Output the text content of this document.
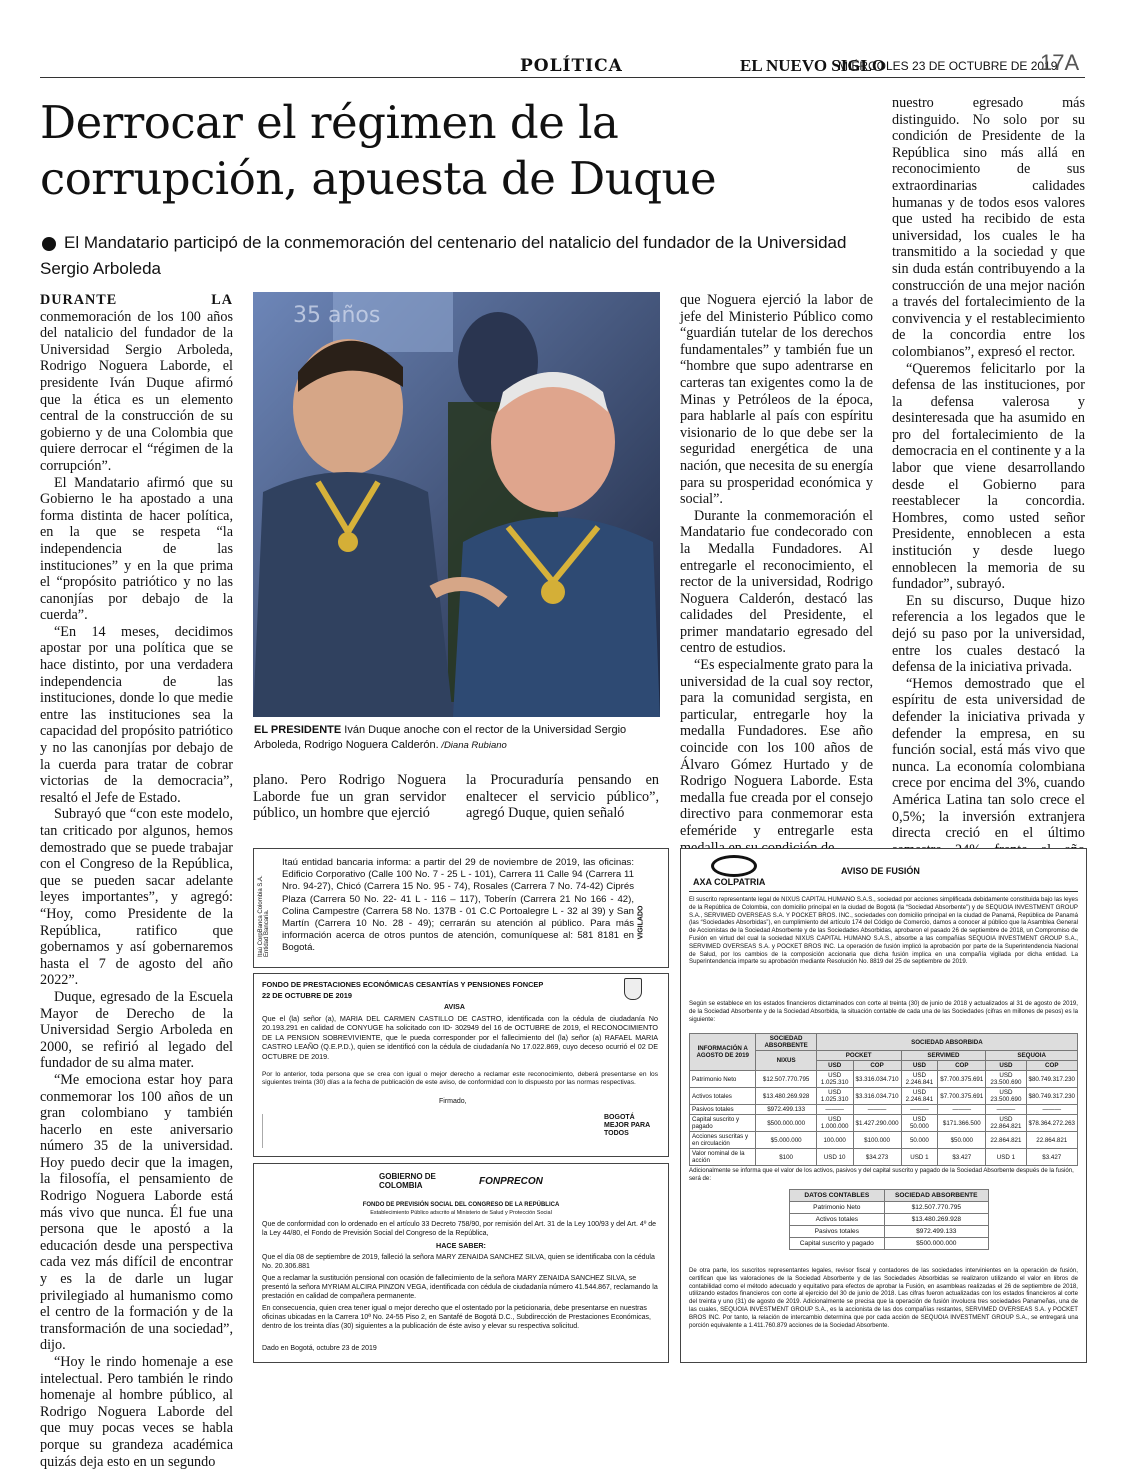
POLÍTICA	EL NUEVO SIGLO
MIÉRCOLES 23 DE OCTUBRE DE 2019
17A
Derrocar el régimen de la
corrupción, apuesta de Duque
El Mandatario participó de la conmemoración del centenario del natalicio del fundador de la Universidad Sergio Arboleda

DURANTE LA conmemoración de los 100 años del natalicio del fundador de la Universidad Sergio Arboleda, Rodrigo Noguera Laborde, el presidente Iván Duque afirmó que la ética es un elemento central de la construcción de su gobierno y de una Colombia que quiere derrocar el “régimen de la corrupción”.

El Mandatario afirmó que su Gobierno le ha apostado a una forma distinta de hacer política, en la que se respeta “la independencia de las instituciones” y en la que prima el “propósito patriótico y no las canonjías por debajo de la cuerda”.

“En 14 meses, decidimos apostar por una política que se hace distinto, por una verdadera independencia de las instituciones, donde lo que medie entre las instituciones sea la capacidad del propósito patriótico y no las canonjías por debajo de la cuerda para tratar de cobrar victorias de la democracia”, resaltó el Jefe de Estado.

Subrayó que “con este modelo, tan criticado por algunos, hemos demostrado que se puede trabajar con el Congreso de la República, que se pueden sacar adelante leyes importantes”, y agregó: “Hoy, como Presidente de la República, ratifico que gobernamos y así gobernaremos hasta el 7 de agosto del año 2022”.

Duque, egresado de la Escuela Mayor de Derecho de la Universidad Sergio Arboleda en 2000, se refirió al legado del fundador de su alma mater.

“Me emociona estar hoy para conmemorar los 100 años de un gran colombiano y también hacerlo en este aniversario número 35 de la universidad. Hoy puedo decir que la imagen, la filosofía, el pensamiento de Rodrigo Noguera Laborde está más vivo que nunca. Él fue una persona que le apostó a la educación desde una perspectiva cada vez más difícil de encontrar y es la de darle un lugar privilegiado al humanismo como el centro de la formación y de la transformación de una sociedad”, dijo.

“Hoy le rindo homenaje a ese intelectual. Pero también le rindo homenaje al hombre público, al Rodrigo Noguera Laborde del que muy pocas veces se habla porque su grandeza académica quizás deja esto en un segundo

35 años
EL PRESIDENTE Iván Duque anoche con el rector de la Universidad Sergio Arboleda, Rodrigo Noguera Calderón. /Diana Rubiano

plano. Pero Rodrigo Noguera Laborde fue un gran servidor público, un hombre que ejerció

la Procuraduría pensando en enaltecer el servicio público”, agregó Duque, quien señaló

que Noguera ejerció la labor de jefe del Ministerio Público como “guardián tutelar de los derechos fundamentales” y también fue un “hombre que supo adentrarse en carteras tan exigentes como la de Minas y Petróleos de la época, para hablarle al país con espíritu visionario de lo que debe ser la seguridad energética de una nación, que necesita de su energía para su prosperidad económica y social”.

Durante la conmemoración el Mandatario fue condecorado con la Medalla Fundadores. Al entregarle el reconocimiento, el rector de la universidad, Rodrigo Noguera Calderón, destacó las calidades del Presidente, el primer mandatario egresado del centro de estudios.

“Es especialmente grato para la universidad de la cual soy rector, para la comunidad sergista, en particular, entregarle hoy la medalla Fundadores. Ese año coincide con los 100 años de Álvaro Gómez Hurtado y de Rodrigo Noguera Laborde. Esta medalla fue creada por el consejo directivo para conmemorar esta efeméride y entregarle esta

nuestro egresado más distinguido. No solo por su condición de Presidente de la República sino más allá en reconocimiento de sus extraordinarias calidades humanas y de todos esos valores que usted ha recibido de esta universidad, los cuales le ha transmitido a la sociedad y que sin duda están contribuyendo a la construcción de una mejor nación a través del fortalecimiento de la convivencia y el restablecimiento de la concordia entre los colombianos”, expresó el rector.

“Queremos felicitarlo por la defensa de las instituciones, por la defensa valerosa y desinteresada que ha asumido en pro del fortalecimiento de la democracia en el continente y a la labor que viene desarrollando desde el Gobierno para reestablecer la concordia. Hombres, como usted señor Presidente, ennoblecen a esta institución y desde luego ennoblecen la memoria de su fundador”, subrayó.

En su discurso, Duque hizo referencia a los legados que le dejó su paso por la universidad, entre los cuales destacó la defensa de la iniciativa privada.

“Hemos demostrado que el espíritu de esta universidad de defender la iniciativa privada y defender la empresa, en su función social, está más vivo que nunca. La economía colombiana crece por encima del 3%, cuando América Latina tan solo crece el 0,5%; la inversión extranjera directa creció en el último

Itaú CorpBanca Colombia S.A. Entidad Bancaria.
Itaú entidad bancaria informa: a partir del 29 de noviembre de 2019, las oficinas: Edificio Corporativo (Calle 100 No. 7 - 25 L - 101), Carrera 11 Calle 94 (Carrera 11 Nro. 94-27), Chicó (Carrera 15 No. 95 - 74), Rosales (Carrera 7 No. 74-42) Ciprés Plaza (Carrera 50 No. 22- 41 L - 116 – 117), Toberín (Carrera 21 No 166 - 42), Colina Campestre (Carrera 58 No. 137B - 01 C.C Portoalegre L - 32 al 39) y San Martín (Carrera 10 No. 28 - 49); cerrarán su atención al público. Para más información acerca de otros puntos de atención, comuníquese al: 581 8181 en Bogotá.
VIGILADO
FONDO DE PRESTACIONES ECONÓMICAS CESANTÍAS Y PENSIONES FONCEP
22 DE OCTUBRE DE 2019
AVISA
Que el (la) señor (a), MARIA DEL CARMEN CASTILLO DE CASTRO, identificada con la cédula de ciudadanía No 20.193.291 en calidad de CONYUGE ha solicitado con ID- 302949 del 16 de OCTUBRE de 2019, el RECONOCIMIENTO DE LA PENSION SOBREVIVIENTE, que le pueda corresponder por el fallecimiento del (la) señor (a) RAFAEL MARIA CASTRO LEAÑO (Q.E.P.D.), quien se identificó con la cédula de ciudadanía No 17.022.869, cuyo deceso ocurrió el 02 DE OCTUBRE DE 2019.
Por lo anterior, toda persona que se crea con igual o mejor derecho a reclamar este reconocimiento, deberá presentarse en los siguientes treinta (30) días a la fecha de publicación de este aviso, de conformidad con lo dispuesto por las normas respectivas.
Firmado,
BOGOTÁ MEJOR PARA TODOS
GOBIERNO DE COLOMBIA	FONPRECON
FONDO DE PREVISIÓN SOCIAL DEL CONGRESO DE LA REPÚBLICA
Establecimiento Público adscrito al Ministerio de Salud y Protección Social
Que de conformidad con lo ordenado en el artículo 33 Decreto 758/90, por remisión del Art. 31 de la Ley 100/93 y del Art. 4º de la Ley 44/80, el Fondo de Previsión Social del Congreso de la República,
HACE SABER:
Que el día 08 de septiembre de 2019, falleció la señora MARY ZENAIDA SANCHEZ SILVA, quien se identificaba con la cédula No. 20.306.881
Que a reclamar la sustitución pensional con ocasión de fallecimiento de la señora MARY ZENAIDA SANCHEZ SILVA, se presentó la señora MYRIAM ALCIRA PINZON VEGA, identificada con cédula de ciudadanía número 41.544.867, reclamando la prestación en calidad de compañera permanente.
En consecuencia, quien crea tener igual o mejor derecho que el ostentado por la peticionaria, debe presentarse en nuestras oficinas ubicadas en la Carrera 10ª No. 24-55 Piso 2, en Santafé de Bogotá D.C., Subdirección de Prestaciones Económicas, dentro de los treinta días (30) siguientes a la publicación de éste aviso y elevar su respectiva solicitud.
Dado en Bogotá, octubre 23 de 2019
AXA COLPATRIA
AVISO DE FUSIÓN
El suscrito representante legal de NIXUS CAPITAL HUMANO S.A.S., sociedad por acciones simplificada debidamente constituida bajo las leyes de la República de Colombia, con domicilio principal en la ciudad de Bogotá (la “Sociedad Absorbente”) y de SEQUOIA INVESTMENT GROUP S.A., SERVIMED OVERSEAS S.A. Y POCKET BROS. INC., sociedades con domicilio principal en la ciudad de Panamá, República de Panamá (las “Sociedades Absorbidas”), en cumplimiento del artículo 174 del Código de Comercio, damos a conocer al público que la Asamblea General de Accionistas de la Sociedad Absorbente y de las Sociedades Absorbidas, aprobaron el pasado 26 de septiembre de 2018, un Compromiso de Fusión en virtud del cual la sociedad NIXUS CAPITAL HUMANO S.A.S., absorbe a las compañías SEQUOIA INVESTMENT GROUP S.A., SERVIMED OVERSEAS S.A. y POCKET BROS INC. La operación de fusión implicó la aprobación por parte de la Superintendencia Nacional de Salud, por los cambios de la composición accionaria que dicha fusión implica en una compañía vigilada por dicha entidad. La Superintendencia imparte su aprobación mediante Resolución No. 8819 del 25 de septiembre de 2019.
Según se establece en los estados financieros dictaminados con corte al treinta (30) de junio de 2018 y actualizados al 31 de agosto de 2019, de la Sociedad Absorbente y de la Sociedad Absorbida, la situación contable de cada una de las Sociedades (cifras en millones de pesos) es la siguiente:
INFORMACIÓN A AGOSTO DE 2019	SOCIEDAD ABSORBENTE	SOCIEDAD ABSORBIDA					
	NIXUS	POCKET		SERVIMED		SEQUOIA	
		USD	COP	USD	COP	USD	COP
Patrimonio Neto	$12.507.770.795	USD 1.025.310	$3.316.034.710	USD 2.246.841	$7.700.375.691	USD 23.500.690	$80.749.317.230
Activos totales	$13.480.269.928	USD 1.025.310	$3.316.034.710	USD 2.246.841	$7.700.375.691	USD 23.500.690	$80.749.317.230
Pasivos totales	$972.499.133	———	———	———	———	———	———
Capital suscrito y pagado	$500.000.000	USD 1.000.000	$1.427.290.000	USD 50.000	$171.366.500	USD 22.864.821	$78.364.272.263
Acciones suscritas y en circulación	$5.000.000	100.000	$100.000	50.000	$50.000	22.864.821	22.864.821
Valor nominal de la acción	$100	USD 10	$34.273	USD 1	$3.427	USD 1	$3.427
Adicionalmente se informa que el valor de los activos, pasivos y del capital suscrito y pagado de la Sociedad Absorbente después de la fusión, será de:
DATOS CONTABLES	SOCIEDAD ABSORBENTE
Patrimonio Neto	$12.507.770.795
Activos totales	$13.480.269.928
Pasivos totales	$972.499.133
Capital suscrito y pagado	$500.000.000
De otra parte, los suscritos representantes legales, revisor fiscal y contadores de las sociedades intervinientes en la operación de fusión, certifican que las valoraciones de la Sociedad Absorbente y de las Sociedades Absorbidas se realizaron utilizando el valor en libros de contabilidad como el método adecuado y equitativo para efectos de aprobar la Fusión, en asambleas realizadas el 26 de septiembre de 2018, utilizando estados financieros con corte al ejercicio del 30 de junio de 2018. Las cifras fueron actualizadas con los estados financieros al corte del treinta y uno (31) de agosto de 2019. Adicionalmente se precisa que la operación de fusión involucra tres sociedades Panameñas, una de las cuales, SEQUOIA INVESTMENT GROUP S.A., es la accionista de las dos compañías restantes, SERVIMED OVERSEAS S.A. y POCKET BROS INC. Por tanto, la relación de intercambio determina que por cada acción de SEQUOIA INVESTMENT GROUP S.A., se entregará una porción equivalente a 1.411.760.879 acciones de la Sociedad Absorbente.
